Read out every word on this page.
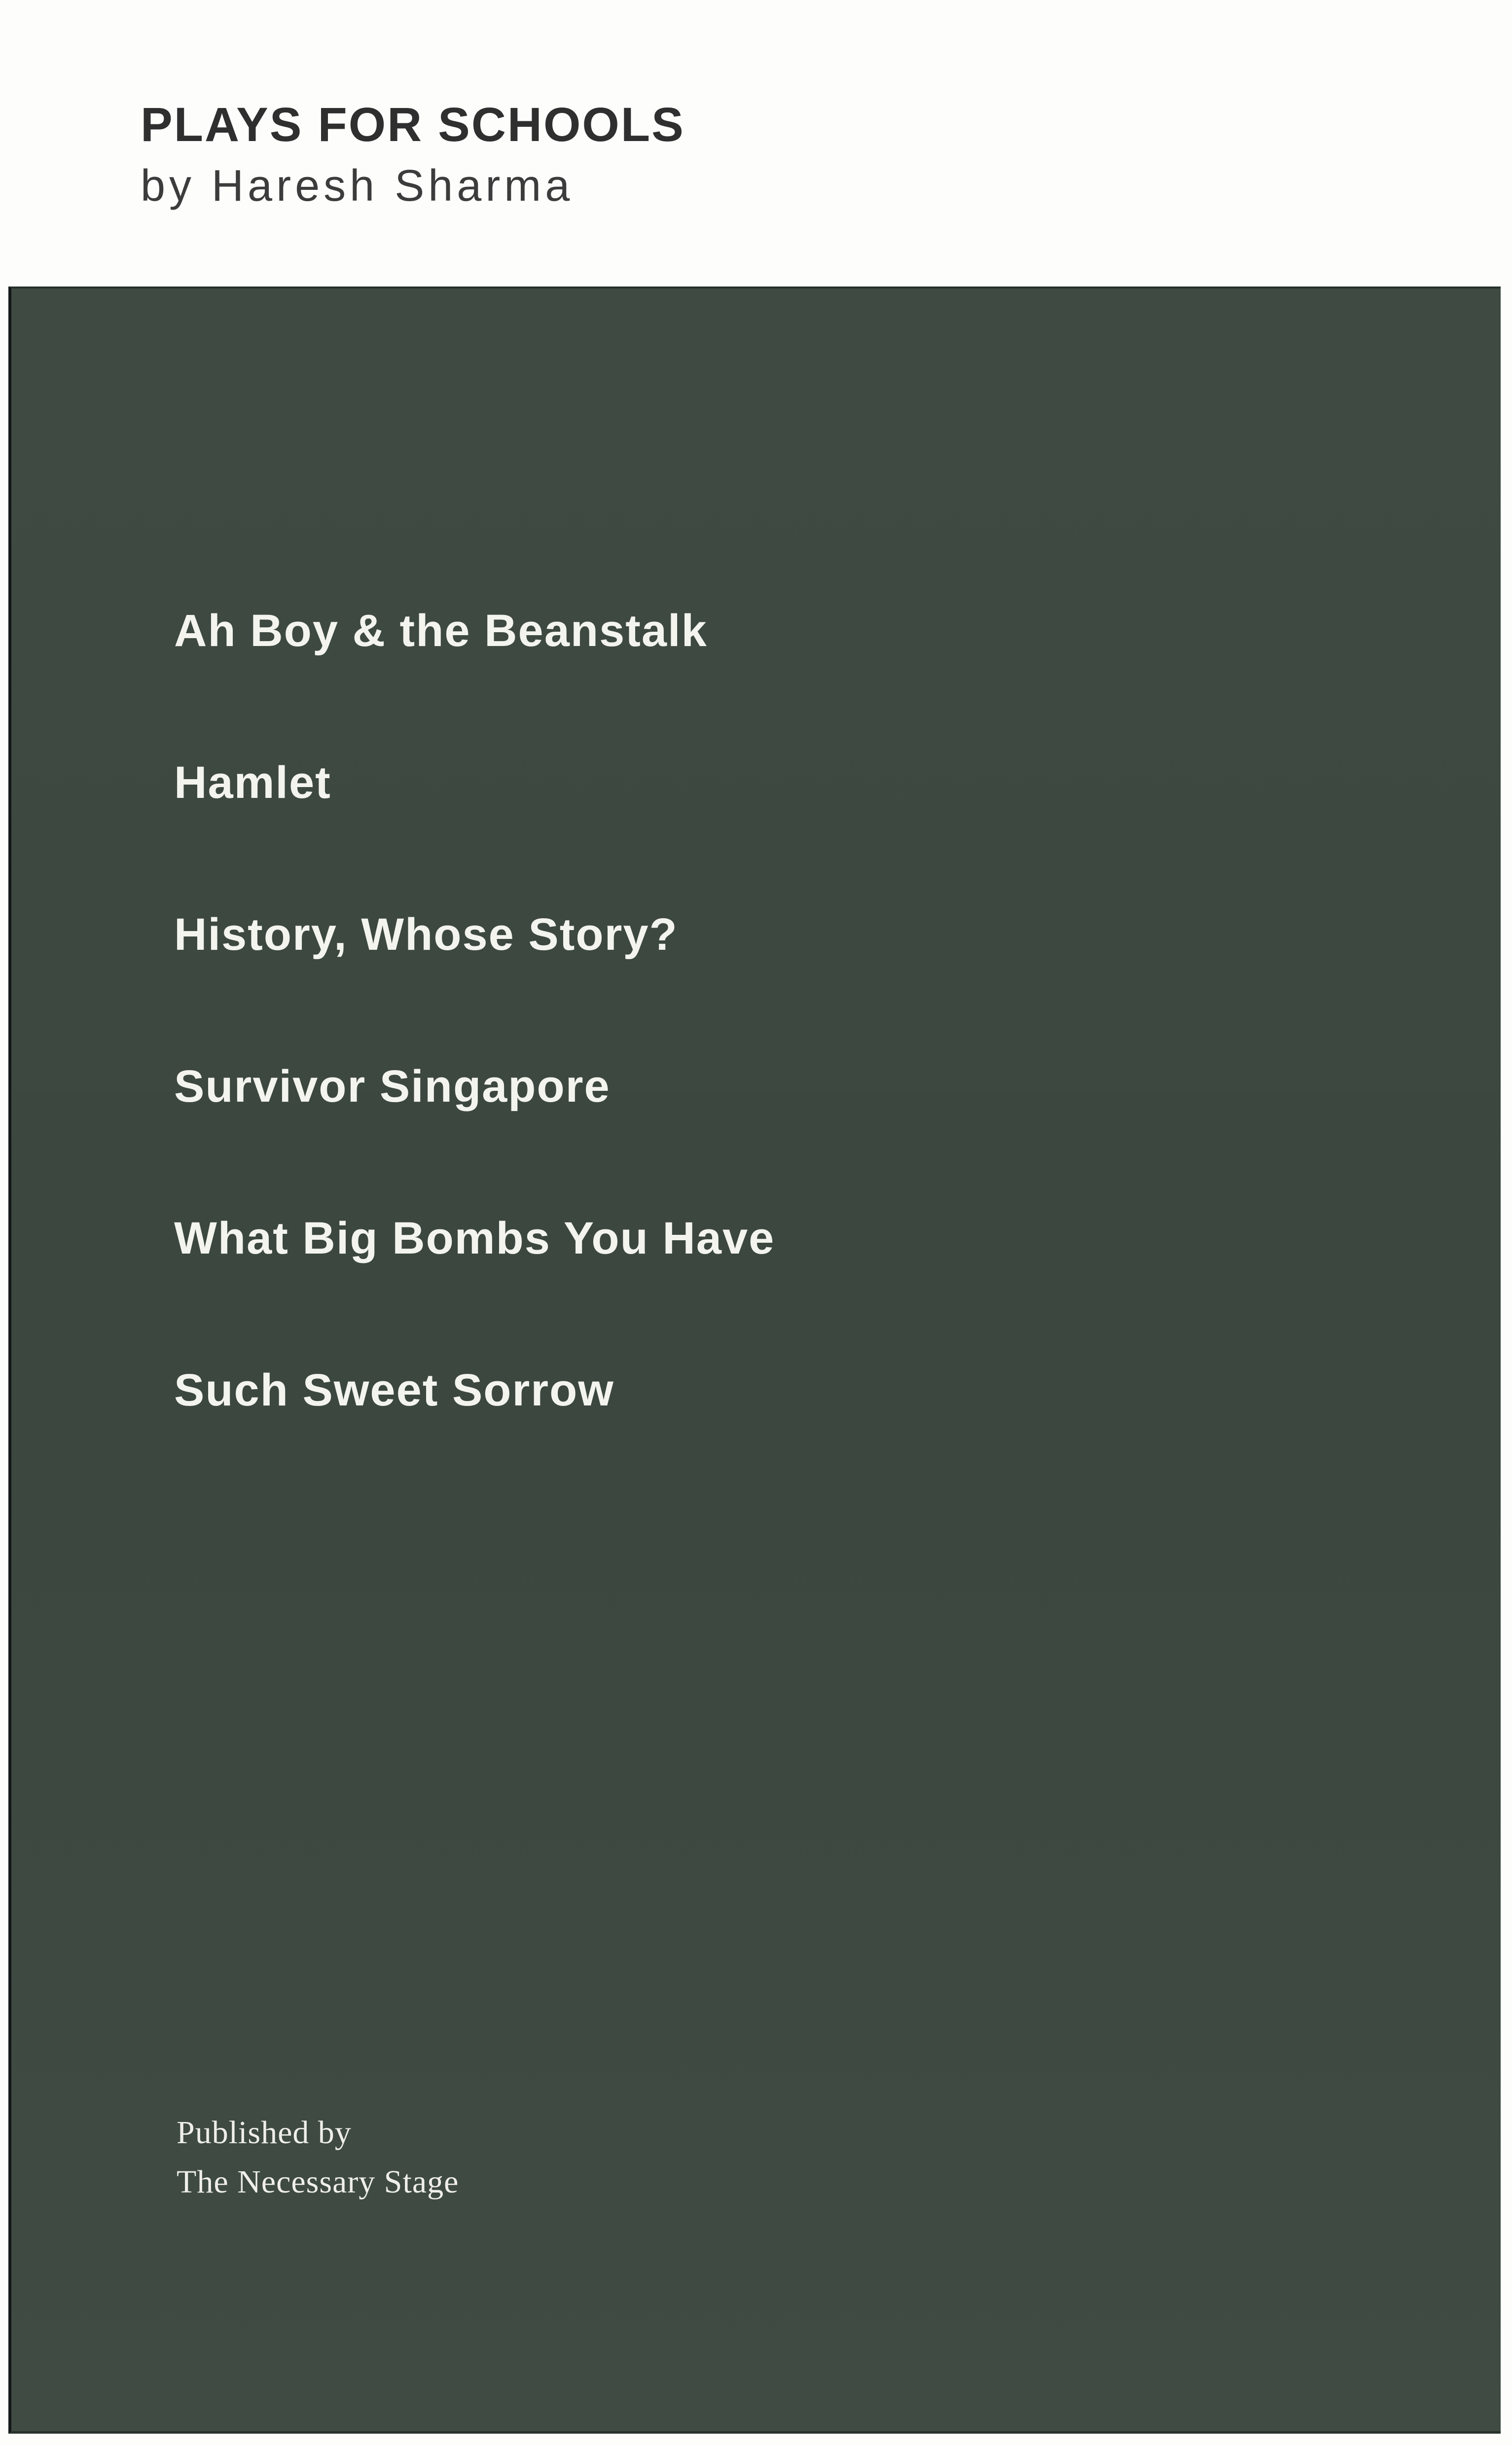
PLAYS FOR SCHOOLS
by Haresh Sharma
Ah Boy & the Beanstalk
Hamlet
History, Whose Story?
Survivor Singapore
What Big Bombs You Have
Such Sweet Sorrow
Published by
The Necessary Stage
